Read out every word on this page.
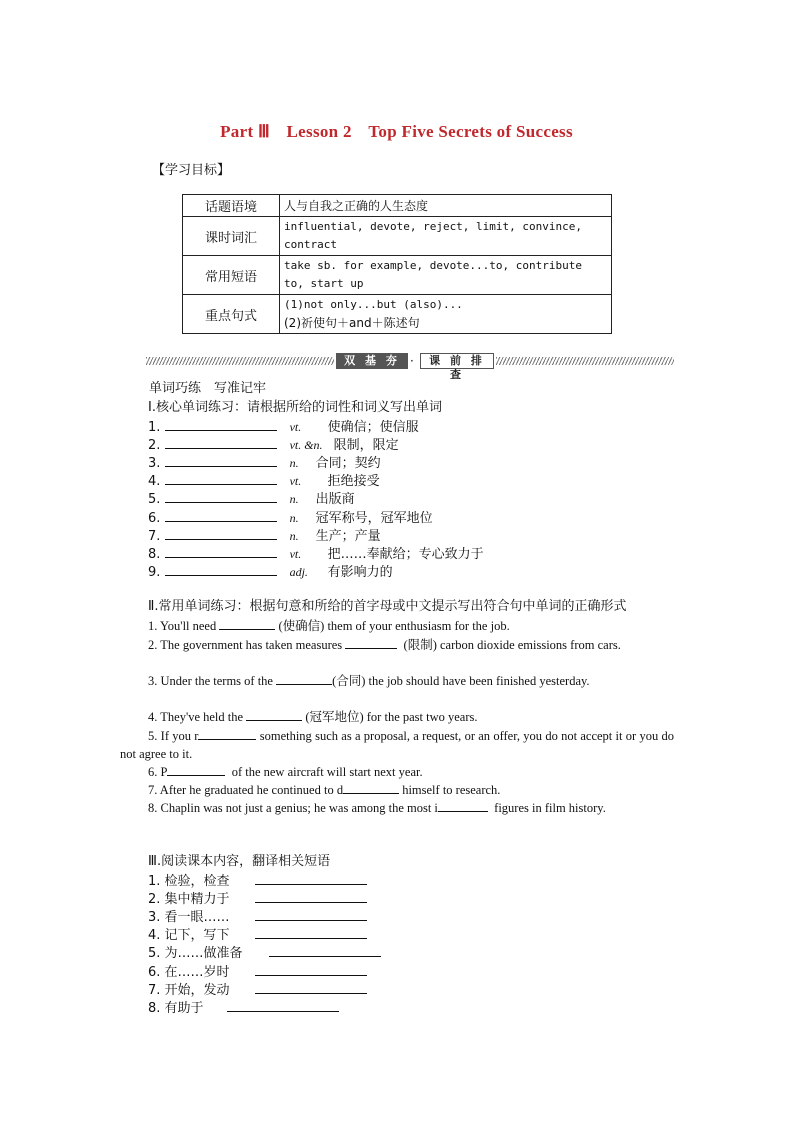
Part Ⅲ Lesson 2 Top Five Secrets of Success
【学习目标】
话题语境	人与自我之正确的人生态度
课时词汇	influential, devote, reject, limit, convince, contract
常用短语	take sb. for example, devote...to, contribute to, start up
重点句式	(1)not only...but (also)...
(2)祈使句＋and＋陈述句
双 基 夯 实
·	课 前 排 查
单词巧练　写准记牢
Ⅰ.核心单词练习：请根据所给的词性和词义写出单词
1. 　	vt. 使确信；使信服
2. 　	vt. &n. 限制，限定
3. 　	n. 合同；契约
4. 　	vt. 拒绝接受
5. 　	n. 出版商
6. 　	n. 冠军称号，冠军地位
7. 　	n. 生产；产量
8. 　	vt. 把……奉献给；专心致力于
9. 　	adj. 有影响力的
Ⅱ.常用单词练习：根据句意和所给的首字母或中文提示写出符合句中单词的正确形式
1. You'll need	(使确信) them of your enthusiasm for the job.
2. The government has taken measures	(限制) carbon dioxide emissions from cars.
3. Under the terms of the	(合同) the job should have been finished yesterday.
4. They've held the	(冠军地位) for the past two years.
5. If you r	something such as a proposal, a request, or an offer, you do not accept it or you do not agree to it.
6. P	of the new aircraft will start next year.
7. After he graduated he continued to d	himself to research.
8. Chaplin was not just a genius; he was among the most i	figures in film history.
Ⅲ.阅读课本内容，翻译相关短语
1. 检验，检查
2. 集中精力于
3. 看一眼……
4. 记下，写下
5. 为……做准备
6. 在……岁时
7. 开始，发动
8. 有助于
